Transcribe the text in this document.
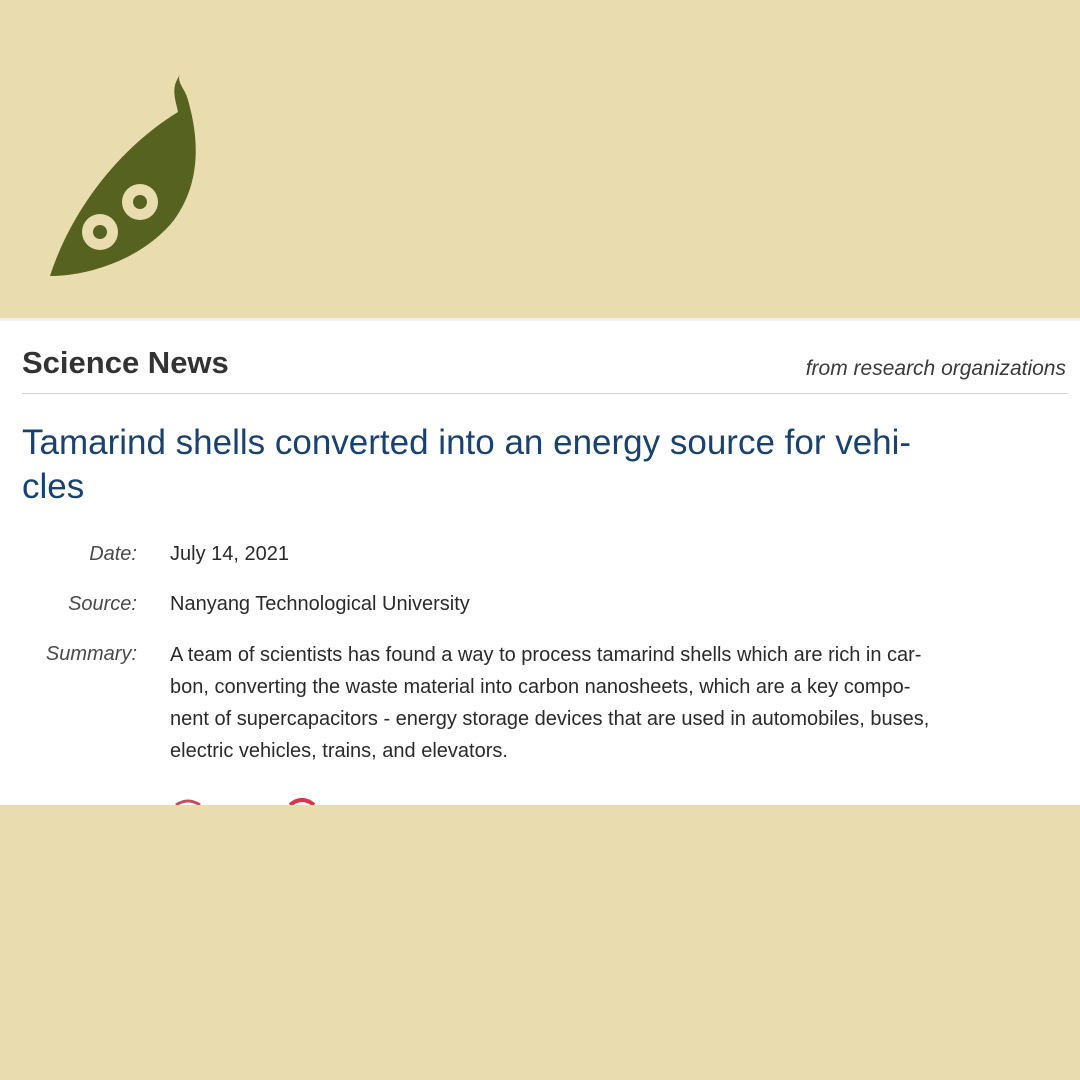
Science News	from research organizations
Tamarind shells converted into an energy source for vehi-
cles
Date: July 14, 2021
Source: Nanyang Technological University
Summary: A team of scientists has found a way to process tamarind shells which are rich in car-
bon, converting the waste material into carbon nanosheets, which are a key compo-
nent of supercapacitors - energy storage devices that are used in automobiles, buses,
electric vehicles, trains, and elevators.
